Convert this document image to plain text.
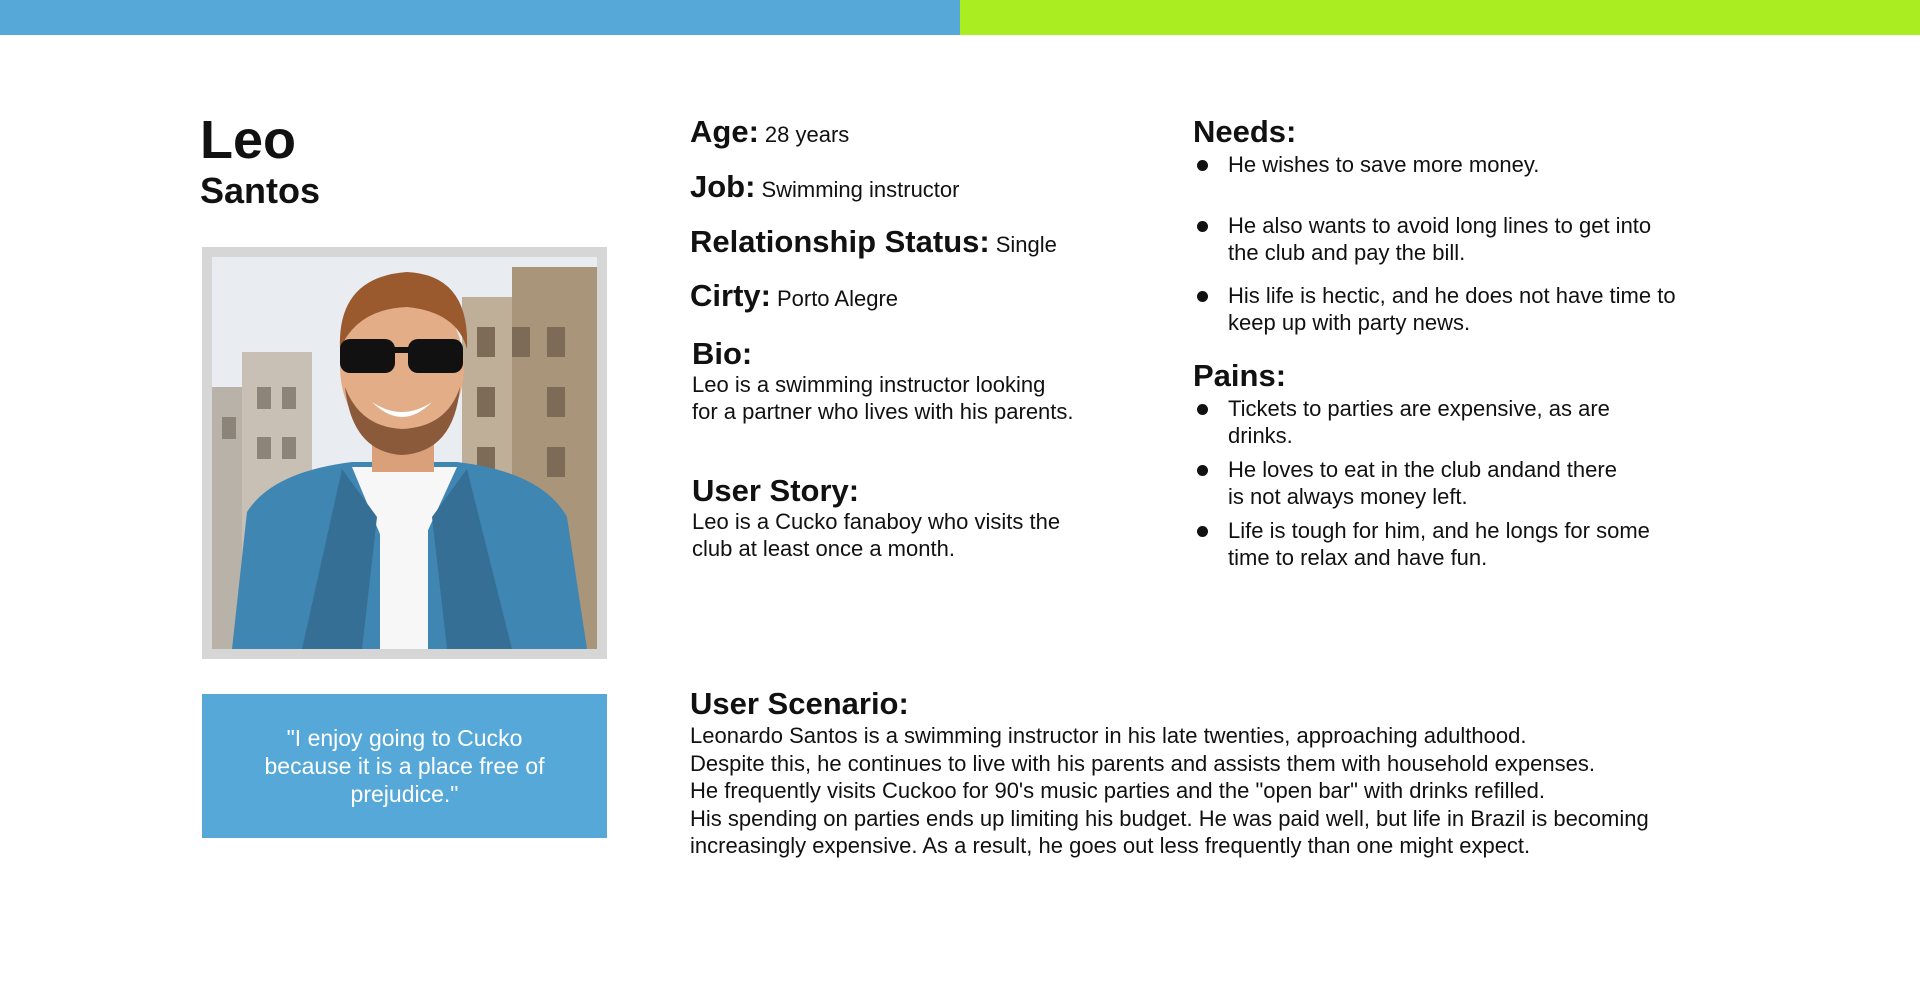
Leo
Santos
"I enjoy going to Cucko because it is a place free of prejudice."
Age: 28 years
Job: Swimming instructor
Relationship Status: Single
Cirty: Porto Alegre
Bio:
Leo is a swimming instructor looking
for a partner who lives with his parents.
User Story:
Leo is a Cucko fanaboy who visits the
club at least once a month.
Needs:
He wishes to save more money.
He also wants to avoid long lines to get into
the club and pay the bill.
His life is hectic, and he does not have time to
keep up with party news.
Pains:
Tickets to parties are expensive, as are
drinks.
He loves to eat in the club andand there
is not always money left.
Life is tough for him, and he longs for some
time to relax and have fun.
User Scenario:
Leonardo Santos is a swimming instructor in his late twenties, approaching adulthood.
Despite this, he continues to live with his parents and assists them with household expenses.
He frequently visits Cuckoo for 90's music parties and the "open bar" with drinks refilled.
His spending on parties ends up limiting his budget. He was paid well, but life in Brazil is becoming
increasingly expensive. As a result, he goes out less frequently than one might expect.
